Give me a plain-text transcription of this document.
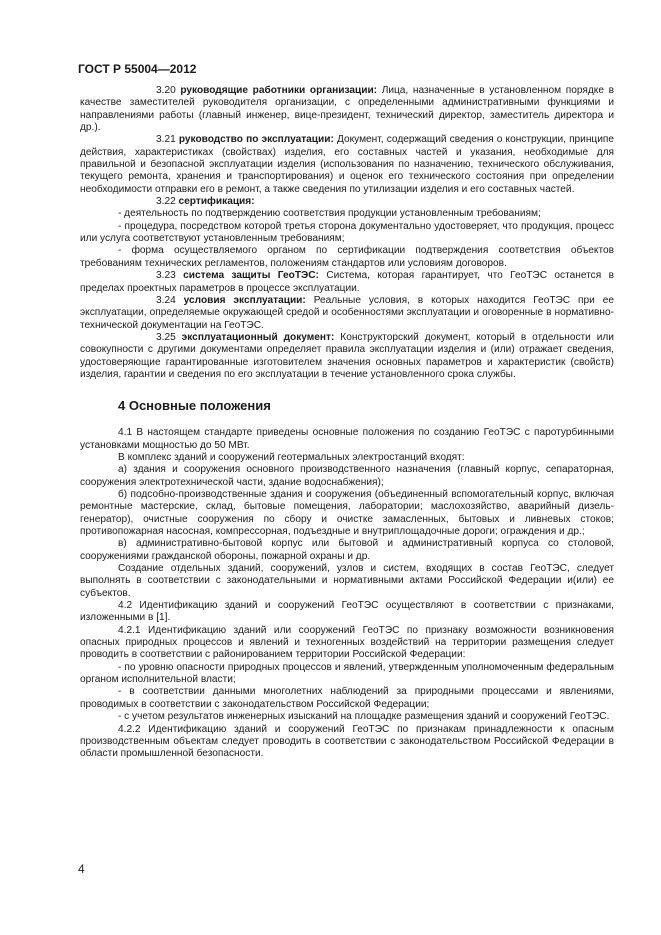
ГОСТ Р 55004—2012

3.20 руководящие работники организации: Лица, назначенные в установленном порядке в качестве заместителей руководителя организации, с определенными административными функциями и направлениями работы (главный инженер, вице-президент, технический директор, заместитель директора и др.).

3.21 руководство по эксплуатации: Документ, содержащий сведения о конструкции, принципе действия, характеристиках (свойствах) изделия, его составных частей и указания, необходимые для правильной и безопасной эксплуатации изделия (использования по назначению, технического обслуживания, текущего ремонта, хранения и транспортирования) и оценок его технического состояния при определении необходимости отправки его в ремонт, а также сведения по утилизации изделия и его составных частей.

3.22 сертификация:

- деятельность по подтверждению соответствия продукции установленным требованиям;

- процедура, посредством которой третья сторона документально удостоверяет, что продукция, процесс или услуга соответствуют установленным требованиям;

- форма осуществляемого органом по сертификации подтверждения соответствия объектов требованиям технических регламентов, положениям стандартов или условиям договоров.

3.23 система защиты ГеоТЭС: Система, которая гарантирует, что ГеоТЭС останется в пределах проектных параметров в процессе эксплуатации.

3.24 условия эксплуатации: Реальные условия, в которых находится ГеоТЭС при ее эксплуатации, определяемые окружающей средой и особенностями эксплуатации и оговоренные в нормативно-технической документации на ГеоТЭС.

3.25 эксплуатационный документ: Конструкторский документ, который в отдельности или совокупности с другими документами определяет правила эксплуатации изделия и (или) отражает сведения, удостоверяющие гарантированные изготовителем значения основных параметров и характеристик (свойств) изделия, гарантии и сведения по его эксплуатации в течение установленного срока службы.

4 Основные положения

4.1 В настоящем стандарте приведены основные положения по созданию ГеоТЭС с паротурбинными установками мощностью до 50 МВт.

В комплекс зданий и сооружений геотермальных электростанций входят:

а) здания и сооружения основного производственного назначения (главный корпус, сепараторная, сооружения электротехнической части, здание водоснабжения);

б) подсобно-производственные здания и сооружения (объединенный вспомогательный корпус, включая ремонтные мастерские, склад, бытовые помещения, лаборатории; маслохозяйство, аварийный дизель-генератор), очистные сооружения по сбору и очистке замасленных, бытовых и ливневых стоков; противопожарная насосная, компрессорная, подъездные и внутриплощадочные дороги; ограждения и др.;

в) административно-бытовой корпус или бытовой и административный корпуса со столовой, сооружениями гражданской обороны, пожарной охраны и др.

Создание отдельных зданий, сооружений, узлов и систем, входящих в состав ГеоТЭС, следует выполнять в соответствии с законодательными и нормативными актами Российской Федерации и(или) ее субъектов.

4.2 Идентификацию зданий и сооружений ГеоТЭС осуществляют в соответствии с признаками, изложенными в [1].

4.2.1 Идентификацию зданий или сооружений ГеоТЭС по признаку возможности возникновения опасных природных процессов и явлений и техногенных воздействий на территории размещения следует проводить в соответствии с районированием территории Российской Федерации:

- по уровню опасности природных процессов и явлений, утвержденным уполномоченным федеральным органом исполнительной власти;

- в соответствии данными многолетних наблюдений за природными процессами и явлениями, проводимых в соответствии с законодательством Российской Федерации;

- с учетом результатов инженерных изысканий на площадке размещения зданий и сооружений ГеоТЭС.

4.2.2 Идентификацию зданий и сооружений ГеоТЭС по признакам принадлежности к опасным производственным объектам следует проводить в соответствии с законодательством Российской Федерации в области промышленной безопасности.

4
